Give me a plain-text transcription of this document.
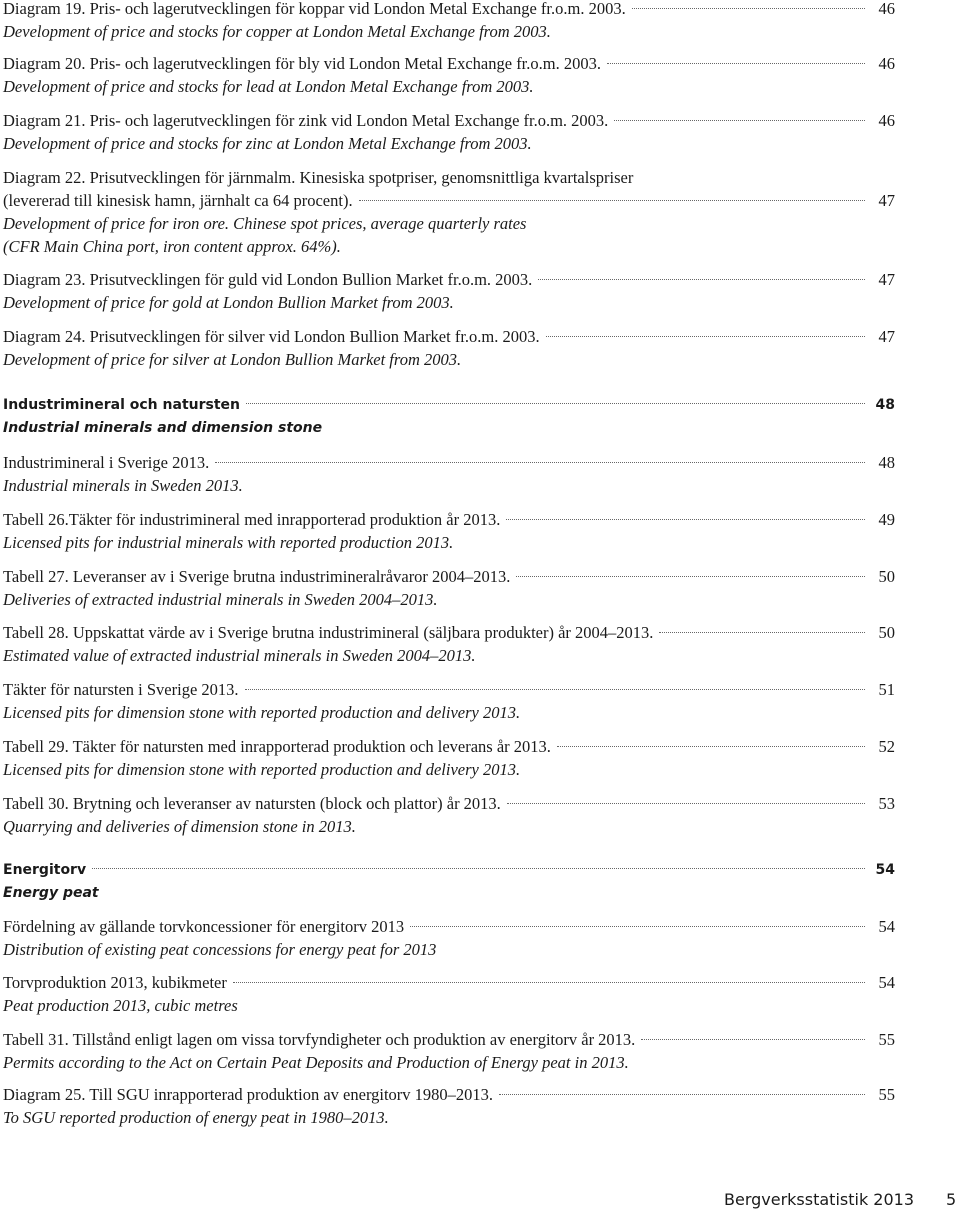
Diagram 19. Pris- och lagerutvecklingen för koppar vid London Metal Exchange fr.o.m. 2003.	46
Development of price and stocks for copper at London Metal Exchange from 2003.
Diagram 20. Pris- och lagerutvecklingen för bly vid London Metal Exchange fr.o.m. 2003.	46
Development of price and stocks for lead at London Metal Exchange from 2003.
Diagram 21. Pris- och lagerutvecklingen för zink vid London Metal Exchange fr.o.m. 2003.	46
Development of price and stocks for zinc at London Metal Exchange from 2003.
Diagram 22. Prisutvecklingen för järnmalm. Kinesiska spotpriser, genomsnittliga kvartalspriser
(levererad till kinesisk hamn, järnhalt ca 64 procent).	47
Development of price for iron ore. Chinese spot prices, average quarterly rates
(CFR Main China port, iron content approx. 64%).
Diagram 23. Prisutvecklingen för guld vid London Bullion Market fr.o.m. 2003.	47
Development of price for gold at London Bullion Market from 2003.
Diagram 24. Prisutvecklingen för silver vid London Bullion Market fr.o.m. 2003.	47
Development of price for silver at London Bullion Market from 2003.
Industrimineral och natursten	48
Industrial minerals and dimension stone
Industrimineral i Sverige 2013.	48
Industrial minerals in Sweden 2013.
Tabell 26.Täkter för industrimineral med inrapporterad produktion år 2013.	49
Licensed pits for industrial minerals with reported production 2013.
Tabell 27. Leveranser av i Sverige brutna industrimineralråvaror 2004–2013.	50
Deliveries of extracted industrial minerals in Sweden 2004–2013.
Tabell 28. Uppskattat värde av i Sverige brutna industrimineral (säljbara produkter) år 2004–2013.	50
Estimated value of extracted industrial minerals in Sweden 2004–2013.
Täkter för natursten i Sverige 2013.	51
Licensed pits for dimension stone with reported production and delivery 2013.
Tabell 29. Täkter för natursten med inrapporterad produktion och leverans år 2013.	52
Licensed pits for dimension stone with reported production and delivery 2013.
Tabell 30. Brytning och leveranser av natursten (block och plattor) år 2013.	53
Quarrying and deliveries of dimension stone in 2013.
Energitorv	54
Energy peat
Fördelning av gällande torvkoncessioner för energitorv 2013	54
Distribution of existing peat concessions for energy peat for 2013
Torvproduktion 2013, kubikmeter	54
Peat production 2013, cubic metres
Tabell 31. Tillstånd enligt lagen om vissa torvfyndigheter och produktion av energitorv år 2013.	55
Permits according to the Act on Certain Peat Deposits and Production of Energy peat in 2013.
Diagram 25. Till SGU inrapporterad produktion av energitorv 1980–2013.	55
To SGU reported production of energy peat in 1980–2013.
Bergverksstatistik 2013 5
